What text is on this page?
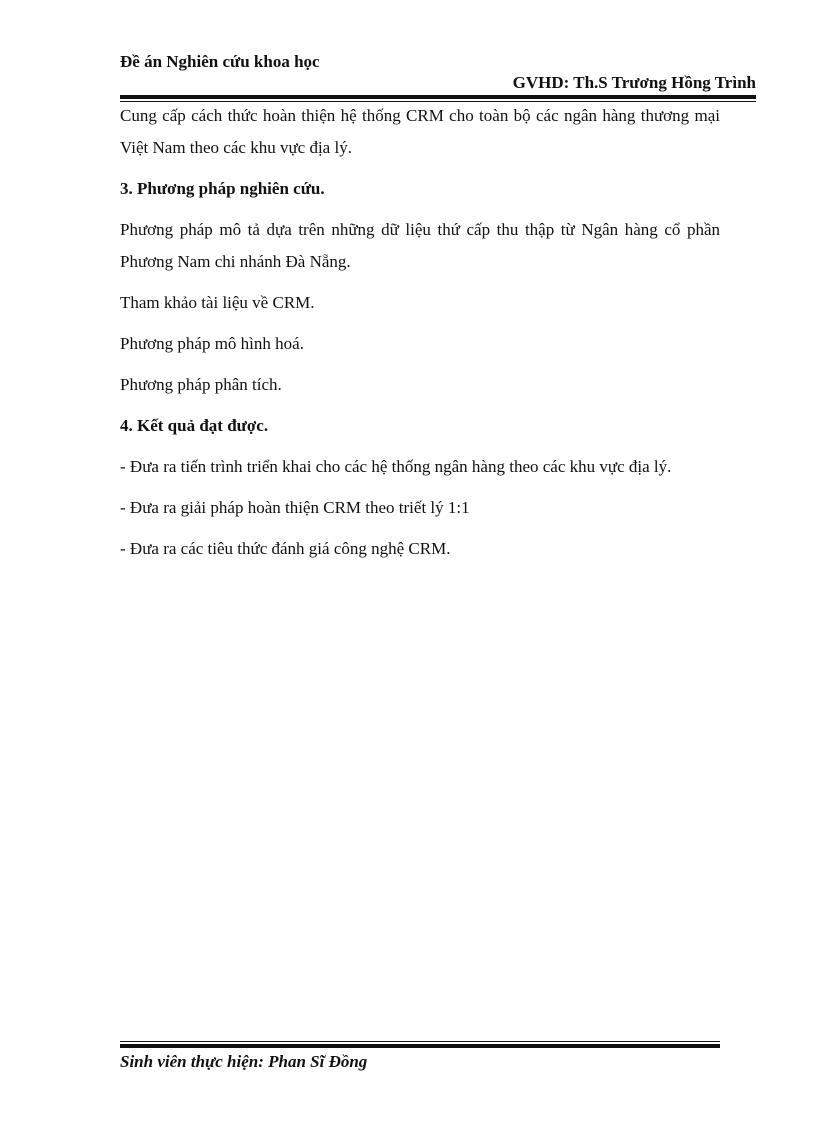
Đề án Nghiên cứu khoa học
GVHD: Th.S Trương Hồng Trình

Cung cấp cách thức hoàn thiện hệ thống CRM cho toàn bộ các ngân hàng thương mại Việt Nam theo các khu vực địa lý.

3. Phương pháp nghiên cứu.

Phương pháp mô tả dựa trên những dữ liệu thứ cấp thu thập từ Ngân hàng cổ phần Phương Nam chi nhánh Đà Nẵng.

Tham khảo tài liệu về CRM.

Phương pháp mô hình hoá.

Phương pháp phân tích.

4. Kết quả đạt được.

- Đưa ra tiến trình triển khai cho các hệ thống ngân hàng theo các khu vực địa lý.

- Đưa ra giải pháp hoàn thiện CRM theo triết lý 1:1

- Đưa ra các tiêu thức đánh giá công nghệ CRM.

Sinh viên thực hiện: Phan Sĩ Đồng
